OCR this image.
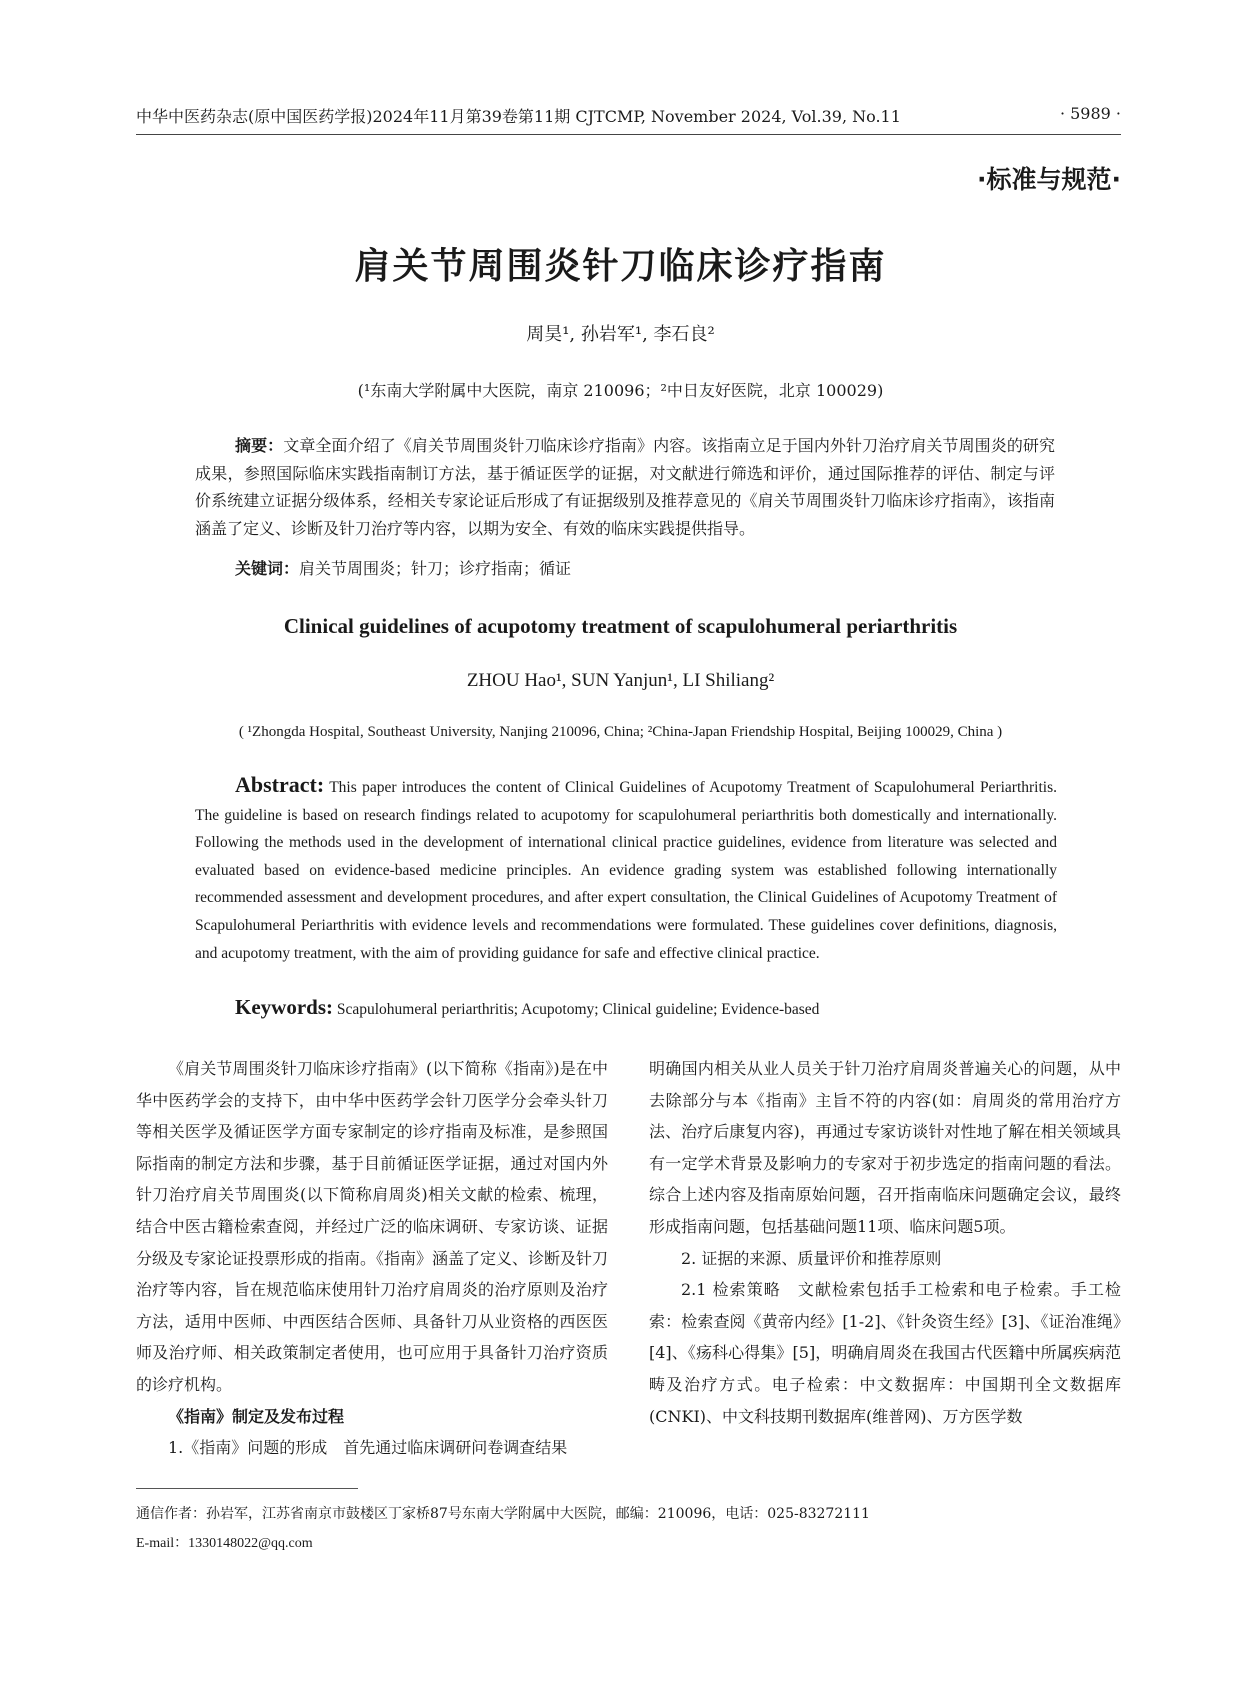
中华中医药杂志(原中国医药学报)2024年11月第39卷第11期 CJTCMP, November 2024, Vol.39, No.11	· 5989 ·
·标准与规范·
肩关节周围炎针刀临床诊疗指南
周昊¹, 孙岩军¹, 李石良²
(¹东南大学附属中大医院，南京 210096；²中日友好医院，北京 100029)

摘要：文章全面介绍了《肩关节周围炎针刀临床诊疗指南》内容。该指南立足于国内外针刀治疗肩关节周围炎的研究成果，参照国际临床实践指南制订方法，基于循证医学的证据，对文献进行筛选和评价，通过国际推荐的评估、制定与评价系统建立证据分级体系，经相关专家论证后形成了有证据级别及推荐意见的《肩关节周围炎针刀临床诊疗指南》，该指南涵盖了定义、诊断及针刀治疗等内容，以期为安全、有效的临床实践提供指导。

关键词：肩关节周围炎；针刀；诊疗指南；循证
Clinical guidelines of acupotomy treatment of scapulohumeral periarthritis
ZHOU Hao¹, SUN Yanjun¹, LI Shiliang²
( ¹Zhongda Hospital, Southeast University, Nanjing 210096, China; ²China-Japan Friendship Hospital, Beijing 100029, China )

Abstract: This paper introduces the content of Clinical Guidelines of Acupotomy Treatment of Scapulohumeral Periarthritis. The guideline is based on research findings related to acupotomy for scapulohumeral periarthritis both domestically and internationally. Following the methods used in the development of international clinical practice guidelines, evidence from literature was selected and evaluated based on evidence-based medicine principles. An evidence grading system was established following internationally recommended assessment and development procedures, and after expert consultation, the Clinical Guidelines of Acupotomy Treatment of Scapulohumeral Periarthritis with evidence levels and recommendations were formulated. These guidelines cover definitions, diagnosis, and acupotomy treatment, with the aim of providing guidance for safe and effective clinical practice.

Keywords: Scapulohumeral periarthritis; Acupotomy; Clinical guideline; Evidence-based

《肩关节周围炎针刀临床诊疗指南》(以下简称《指南》)是在中华中医药学会的支持下，由中华中医药学会针刀医学分会牵头针刀等相关医学及循证医学方面专家制定的诊疗指南及标准，是参照国际指南的制定方法和步骤，基于目前循证医学证据，通过对国内外针刀治疗肩关节周围炎(以下简称肩周炎)相关文献的检索、梳理，结合中医古籍检索查阅，并经过广泛的临床调研、专家访谈、证据分级及专家论证投票形成的指南。《指南》涵盖了定义、诊断及针刀治疗等内容，旨在规范临床使用针刀治疗肩周炎的治疗原则及治疗方法，适用中医师、中西医结合医师、具备针刀从业资格的西医医师及治疗师、相关政策制定者使用，也可应用于具备针刀治疗资质的诊疗机构。

《指南》制定及发布过程

1.《指南》问题的形成　首先通过临床调研问卷调查结果

明确国内相关从业人员关于针刀治疗肩周炎普遍关心的问题，从中去除部分与本《指南》主旨不符的内容(如：肩周炎的常用治疗方法、治疗后康复内容)，再通过专家访谈针对性地了解在相关领域具有一定学术背景及影响力的专家对于初步选定的指南问题的看法。综合上述内容及指南原始问题，召开指南临床问题确定会议，最终形成指南问题，包括基础问题11项、临床问题5项。

2. 证据的来源、质量评价和推荐原则

2.1 检索策略　文献检索包括手工检索和电子检索。手工检索：检索查阅《黄帝内经》[1-2]、《针灸资生经》[3]、《证治准绳》[4]、《疡科心得集》[5]，明确肩周炎在我国古代医籍中所属疾病范畴及治疗方式。电子检索：中文数据库：中国期刊全文数据库(CNKI)、中文科技期刊数据库(维普网)、万方医学数

通信作者：孙岩军，江苏省南京市鼓楼区丁家桥87号东南大学附属中大医院，邮编：210096，电话：025-83272111
E-mail：1330148022@qq.com
